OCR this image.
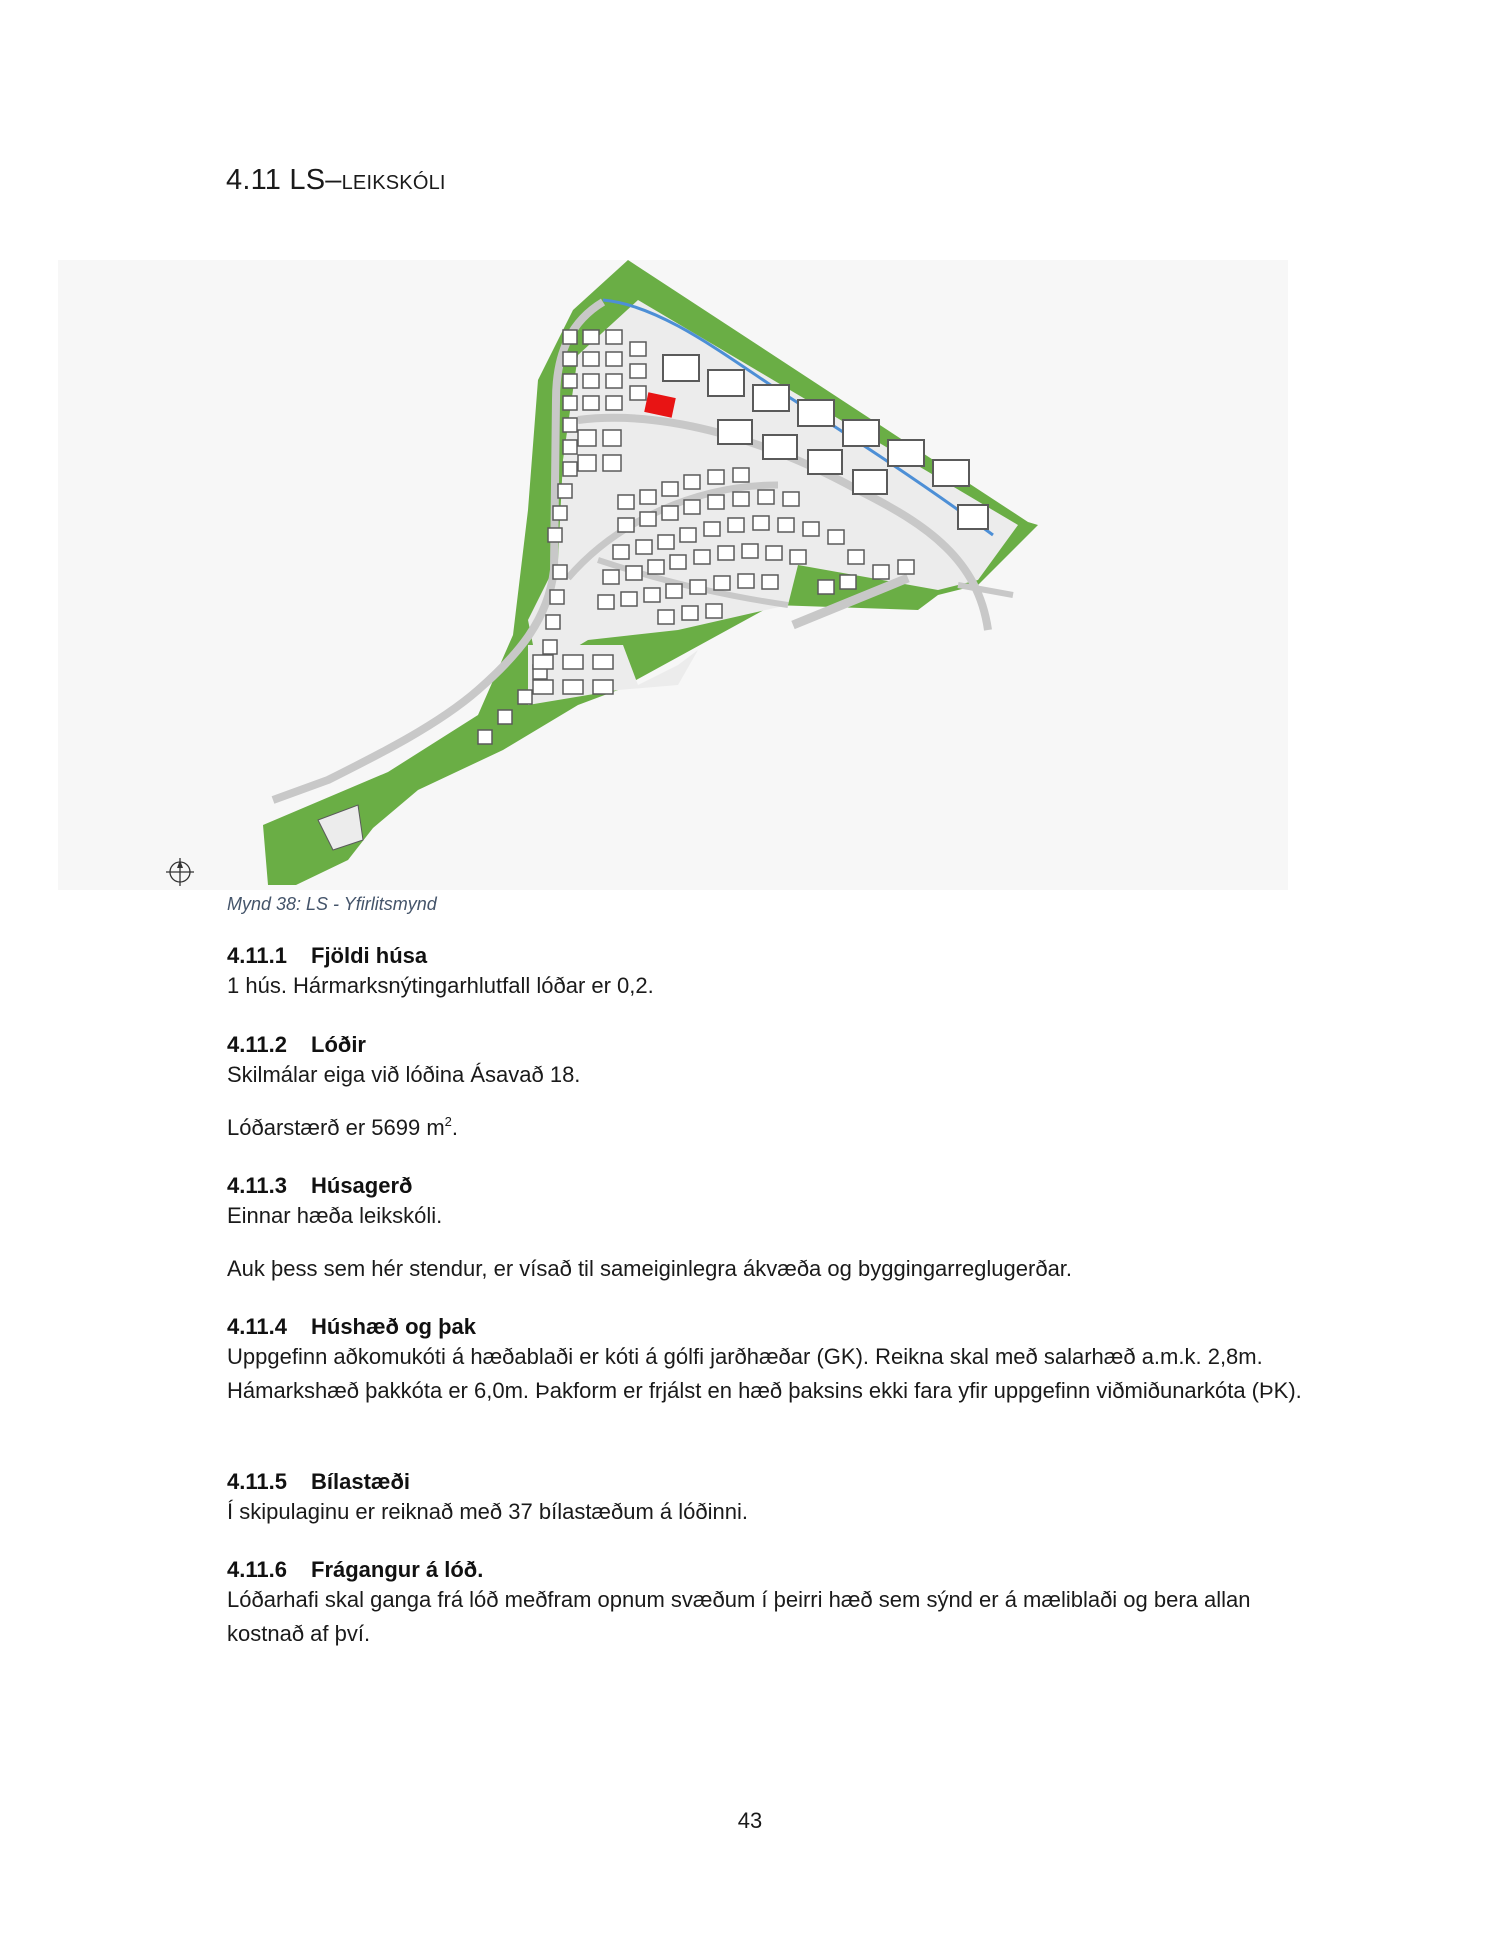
4.11 LS–LEIKSKÓLI
Mynd 38: LS - Yfirlitsmynd
4.11.1 Fjöldi húsa
1 hús. Hármarksnýtingarhlutfall lóðar er 0,2.
4.11.2 Lóðir
Skilmálar eiga við lóðina Ásavað 18.
Lóðarstærð er 5699 $m^2$.
4.11.3 Húsagerð
Einnar hæða leikskóli.
Auk þess sem hér stendur, er vísað til sameiginlegra ákvæða og byggingarreglugerðar.
4.11.4 Húshæð og þak
Uppgefinn aðkomukóti á hæðablaði er kóti á gólfi jarðhæðar (GK). Reikna skal með salarhæð a.m.k. 2,8m. Hámarkshæð þakkóta er 6,0m. Þakform er frjálst en hæð þaksins ekki fara yfir uppgefinn viðmiðunarkóta (ÞK).
4.11.5 Bílastæði
Í skipulaginu er reiknað með 37 bílastæðum á lóðinni.
4.11.6 Frágangur á lóð.
Lóðarhafi skal ganga frá lóð meðfram opnum svæðum í þeirri hæð sem sýnd er á mæliblaði og bera allan kostnað af því.
43
